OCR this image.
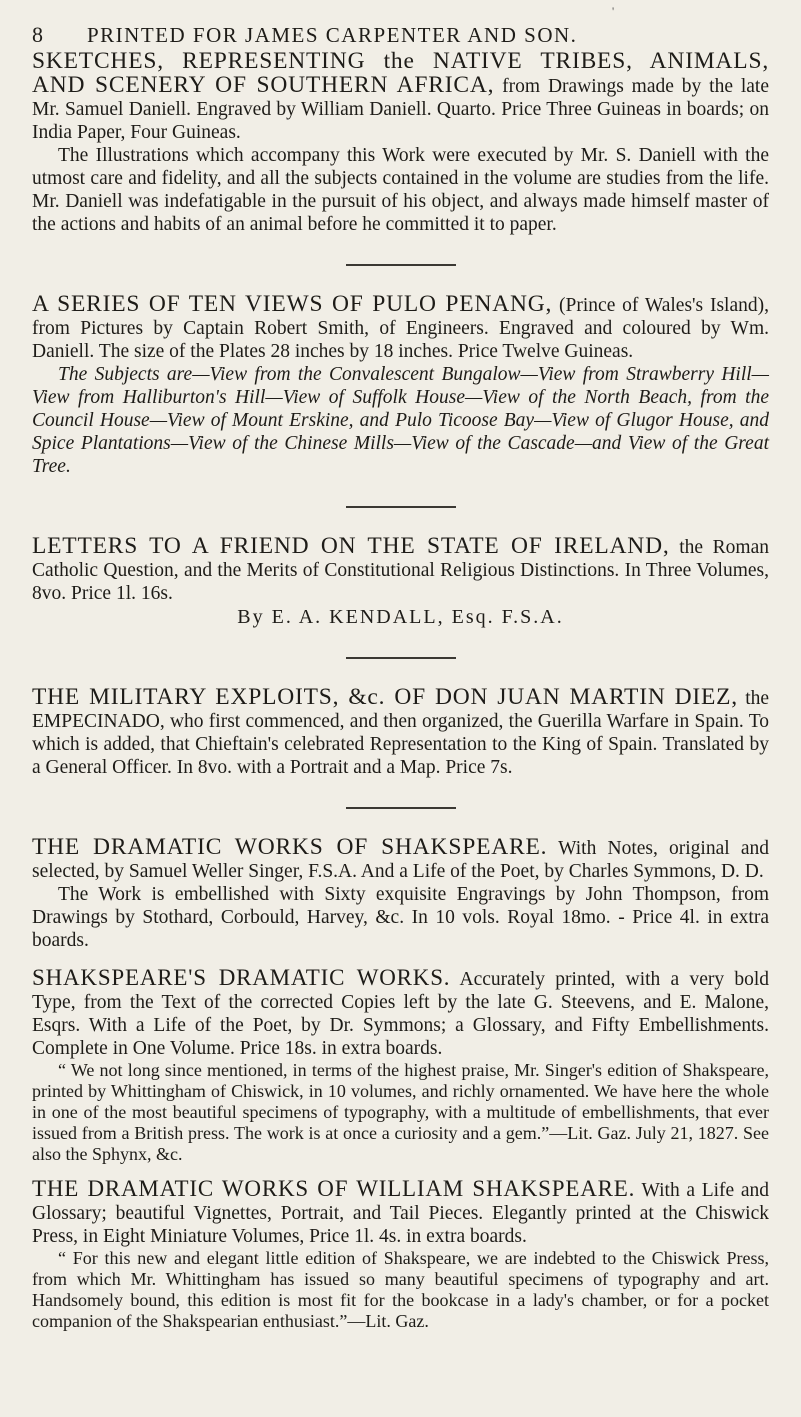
'
8	PRINTED FOR JAMES CARPENTER AND SON.

SKETCHES, REPRESENTING the NATIVE TRIBES, ANIMALS, AND SCENERY OF SOUTHERN AFRICA, from Drawings made by the late Mr. Samuel Daniell. Engraved by William Daniell. Quarto. Price Three Guineas in boards; on India Paper, Four Guineas.

The Illustrations which accompany this Work were executed by Mr. S. Daniell with the utmost care and fidelity, and all the subjects contained in the volume are studies from the life. Mr. Daniell was indefatigable in the pursuit of his object, and always made himself master of the actions and habits of an animal before he committed it to paper.

A SERIES OF TEN VIEWS OF PULO PENANG, (Prince of Wales's Island), from Pictures by Captain Robert Smith, of Engineers. Engraved and coloured by Wm. Daniell. The size of the Plates 28 inches by 18 inches. Price Twelve Guineas.

The Subjects are—View from the Convalescent Bungalow—View from Strawberry Hill—View from Halliburton's Hill—View of Suffolk House—View of the North Beach, from the Council House—View of Mount Erskine, and Pulo Ticoose Bay—View of Glugor House, and Spice Plantations—View of the Chinese Mills—View of the Cascade—and View of the Great Tree.

LETTERS TO A FRIEND ON THE STATE OF IRELAND, the Roman Catholic Question, and the Merits of Constitutional Religious Distinctions. In Three Volumes, 8vo. Price 1l. 16s.

By E. A. KENDALL, Esq. F.S.A.

THE MILITARY EXPLOITS, &c. OF DON JUAN MARTIN DIEZ, the EMPECINADO, who first commenced, and then organized, the Guerilla Warfare in Spain. To which is added, that Chieftain's celebrated Representation to the King of Spain. Translated by a General Officer. In 8vo. with a Portrait and a Map. Price 7s.

THE DRAMATIC WORKS OF SHAKSPEARE. With Notes, original and selected, by Samuel Weller Singer, F.S.A. And a Life of the Poet, by Charles Symmons, D. D.

The Work is embellished with Sixty exquisite Engravings by John Thompson, from Drawings by Stothard, Corbould, Harvey, &c. In 10 vols. Royal 18mo. - Price 4l. in extra boards.

SHAKSPEARE'S DRAMATIC WORKS. Accurately printed, with a very bold Type, from the Text of the corrected Copies left by the late G. Steevens, and E. Malone, Esqrs. With a Life of the Poet, by Dr. Symmons; a Glossary, and Fifty Embellishments. Complete in One Volume. Price 18s. in extra boards.

“ We not long since mentioned, in terms of the highest praise, Mr. Singer's edition of Shakspeare, printed by Whittingham of Chiswick, in 10 volumes, and richly ornamented. We have here the whole in one of the most beautiful specimens of typography, with a multitude of embellishments, that ever issued from a British press. The work is at once a curiosity and a gem.”—Lit. Gaz. July 21, 1827. See also the Sphynx, &c.

THE DRAMATIC WORKS OF WILLIAM SHAKSPEARE. With a Life and Glossary; beautiful Vignettes, Portrait, and Tail Pieces. Elegantly printed at the Chiswick Press, in Eight Miniature Volumes, Price 1l. 4s. in extra boards.

“ For this new and elegant little edition of Shakspeare, we are indebted to the Chiswick Press, from which Mr. Whittingham has issued so many beautiful specimens of typography and art. Handsomely bound, this edition is most fit for the bookcase in a lady's chamber, or for a pocket companion of the Shakspearian enthusiast.”—Lit. Gaz.
